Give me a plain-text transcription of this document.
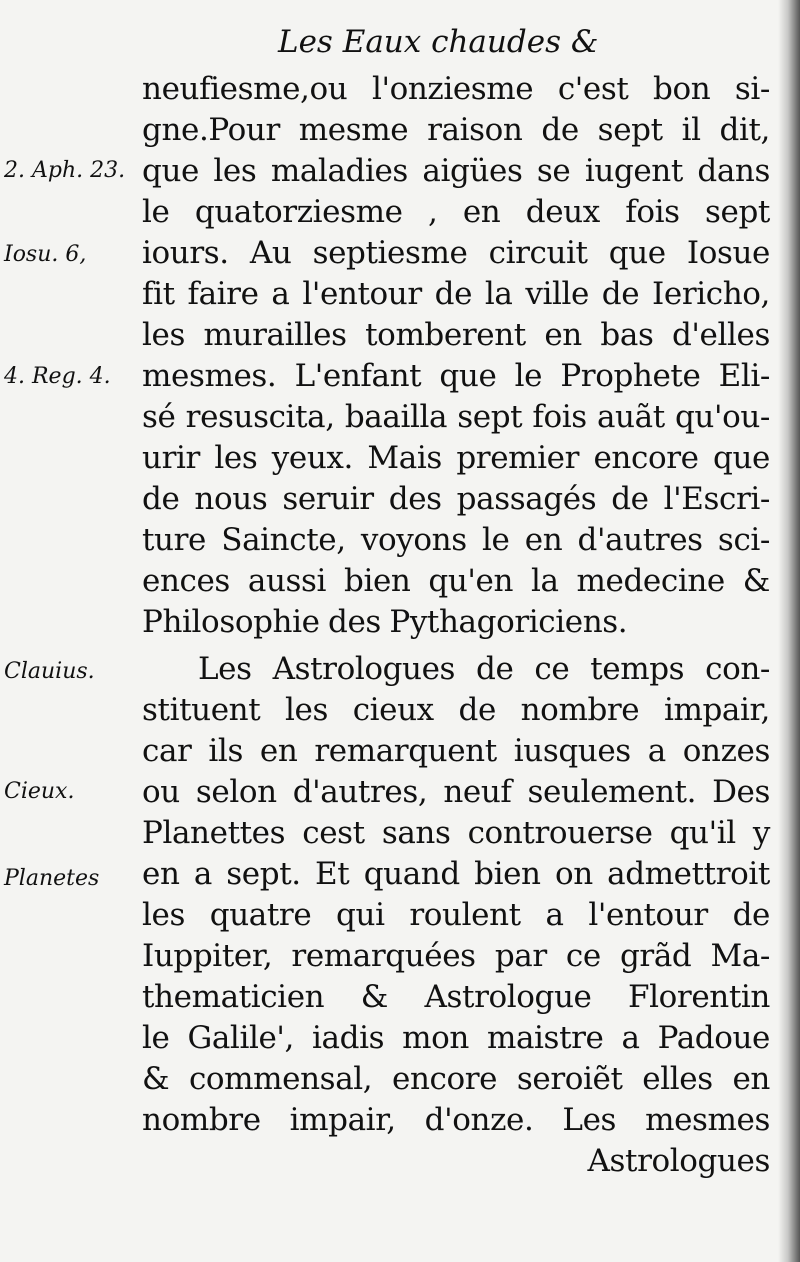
Les Eaux chaudes &
neufiesme,ou l'onziesme c'est bon si-
gne.Pour mesme raison de sept il dit,
que les maladies aigües se iugent dans
le quatorziesme , en deux fois sept
iours. Au septiesme circuit que Iosue
fit faire a l'entour de la ville de Iericho,
les murailles tomberent en bas d'elles
mesmes. L'enfant que le Prophete Eli-
sé resuscita, baailla sept fois auãt qu'ou-
urir les yeux. Mais premier encore que
de nous seruir des passagés de l'Escri-
ture Saincte, voyons le en d'autres sci-
ences aussi bien qu'en la medecine &
Philosophie des Pythagoriciens.
Les Astrologues de ce temps con-
stituent les cieux de nombre impair,
car ils en remarquent iusques a onzes
ou selon d'autres, neuf seulement. Des
Planettes cest sans controuerse qu'il y
en a sept. Et quand bien on admettroit
les quatre qui roulent a l'entour de
Iuppiter, remarquées par ce grãd Ma-
thematicien & Astrologue Florentin
le Galile', iadis mon maistre a Padoue
& commensal, encore seroiẽt elles en
nombre impair, d'onze. Les mesmes
Astrologues
2. Aph. 23.
Iosu. 6,
4. Reg. 4.
Clauius.
Cieux.
Planetes
